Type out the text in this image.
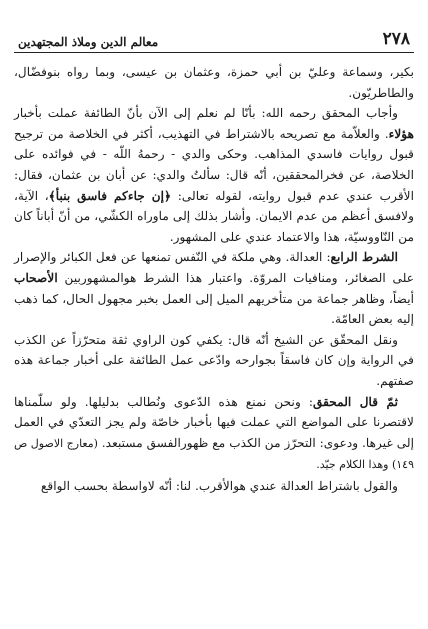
٢٧٨
معالم الدين وملاذ المجتهدين

بكير، وسماعة وعليّ بن أبي حمزة، وعثمان بن عيسى، وبما رواه بنوفضّال، والطاطريّون.

وأجاب المحقق رحمه الله: بأنّا لم نعلم إلى الآن بأنّ الطائفة عملت بأخبار هؤلاء. والعلاّمة مع تصريحه بالاشتراط في التهذيب، أكثر في الخلاصة من ترجيح قبول روايات فاسدي المذاهب. وحكى والدي - رحمهُ اللّه - في فوائده على الخلاصة، عن فخرالمحققين، أنّه قال: سألتُ والدي: عن أبان بن عثمان، فقال: الأقرب عندي عدم قبول روايته، لقوله تعالى: ﴿إن جاءكم فاسق بنبأ﴾، الآية، ولافسق أعظم من عدم الايمان. وأشار بذلك إلى ماوراه الكشّي، من أنّ أباناً كان من النّاووسيّة، هذا والاعتماد عندي على المشهور.

الشرط الرابع: العدالة. وهي ملكة في النّفس تمنعها عن فعل الكبائر والإصرار على الصغائر، ومنافيات المروّة. واعتبار هذا الشرط هوالمشهوربين الأصحاب أيضاً، وظاهر جماعة من متأخريهم الميل إلى العمل بخبر مجهول الحال، كما ذهب إليه بعض العامّة.

ونقل المحقّق عن الشيخ أنّه قال: يكفي كون الراوي ثقة متحرّزاً عن الكذب في الرواية وإن كان فاسقاً بجوارحه وادّعى عمل الطائفة على أخبار جماعة هذه صفتهم.

ثمّ قال المحقق: ونحن نمنع هذه الدّعوى ونُطالب بدليلها. ولو سلّمناها لاقتصرنا على المواضع التي عملت فيها بأخبار خاصّة ولم يجز التعدّي في العمل إلى غيرها. ودعوى: التحرّز من الكذب مع ظهورالفسق مستبعد. (معارج الاصول ص ١٤٩) وهذا الكلام جيّد.

والقول باشتراط العدالة عندي هوالأقرب. لنا: أنّه لاواسطة بحسب الواقع
